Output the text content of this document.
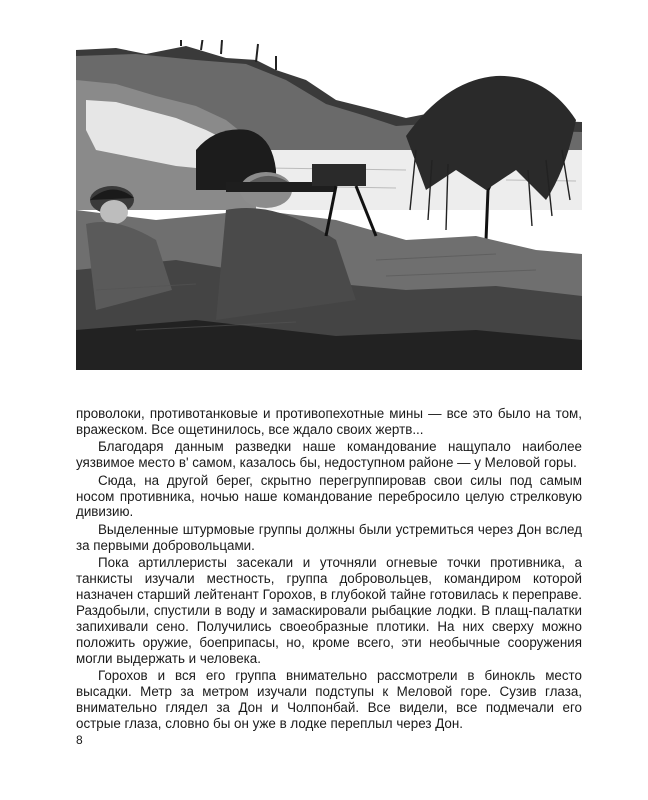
проволоки, противотанковые и противопехотные мины — все это было на том, вражеском. Все ощетинилось, все ждало своих жертв...

Благодаря данным разведки наше командование нащупало наиболее уязвимое место в' самом, казалось бы, недоступном районе — у Меловой горы.

Сюда, на другой берег, скрытно перегруппировав свои силы под самым носом противника, ночью наше командование перебросило целую стрелковую дивизию.

Выделенные штурмовые группы должны были устремиться через Дон вслед за первыми добровольцами.

Пока артиллеристы засекали и уточняли огневые точки противника, а танкисты изучали местность, группа добровольцев, командиром которой назначен старший лейтенант Горохов, в глубокой тайне готовилась к переправе. Раздобыли, спустили в воду и замаскировали рыбацкие лодки. В плащ-палатки запихивали сено. Получились своеобразные плотики. На них сверху можно положить оружие, боеприпасы, но, кроме всего, эти необычные сооружения могли выдержать и человека.

Горохов и вся его группа внимательно рассмотрели в бинокль место высадки. Метр за метром изучали подступы к Меловой горе. Сузив глаза, внимательно глядел за Дон и Чолпонбай. Все видели, все подмечали его острые глаза, словно бы он уже в лодке переплыл через Дон.

8
